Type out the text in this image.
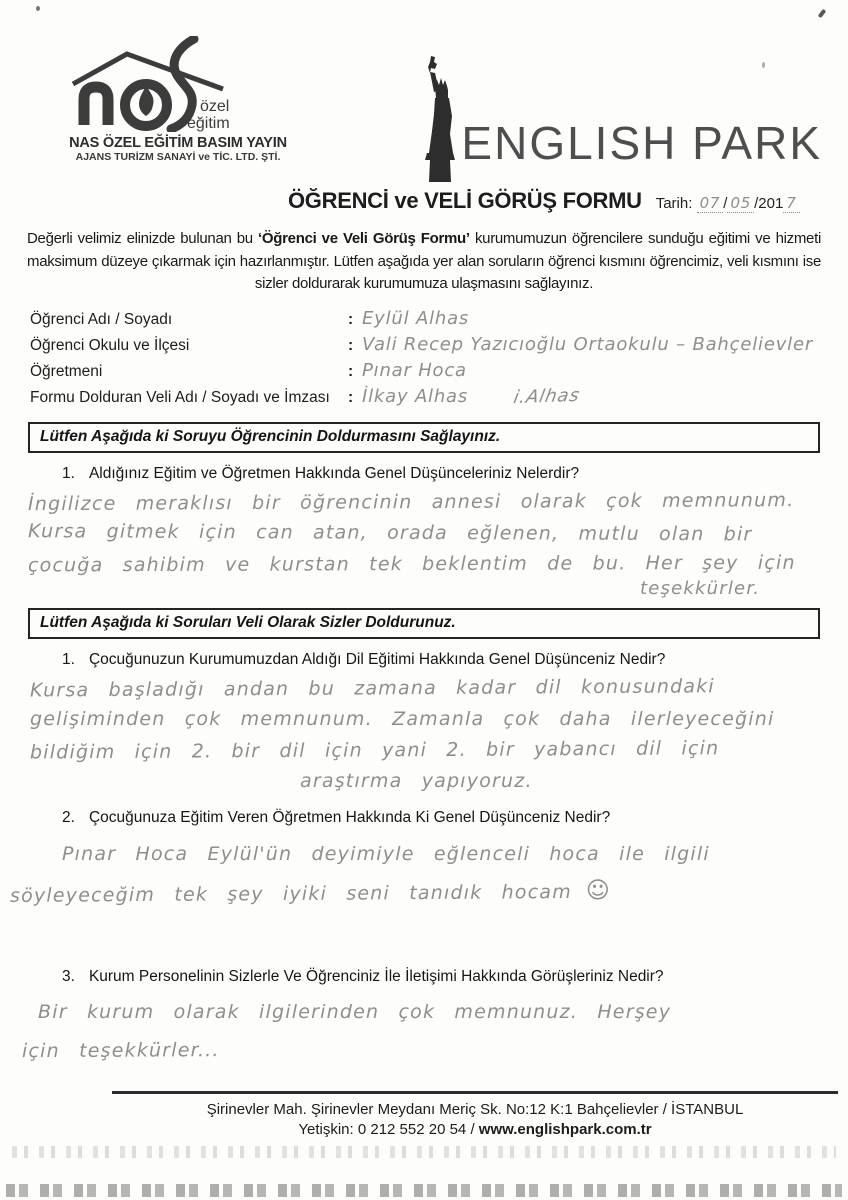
özel
eğitim
NAS ÖZEL EĞİTİM BASIM YAYIN
AJANS TURİZM SANAYİ ve TİC. LTD. ŞTİ.	ENGLISH PARK
ÖĞRENCİ ve VELİ GÖRÜŞ FORMU Tarih: 07 / 05 /201 7

Değerli velimiz elinizde bulunan bu ‘Öğrenci ve Veli Görüş Formu’ kurumumuzun öğrencilere sunduğu eğitimi ve hizmeti maksimum düzeye çıkarmak için hazırlanmıştır. Lütfen aşağıda yer alan soruların öğrenci kısmını öğrencimiz, veli kısmını ise sizler doldurarak kurumumuza ulaşmasını sağlayınız.

Öğrenci Adı / Soyadı	: Eylül Alhas
Öğrenci Okulu ve İlçesi	: Vali Recep Yazıcıoğlu Ortaokulu – Bahçelievler
Öğretmeni	: Pınar Hoca
Formu Dolduran Veli Adı / Soyadı ve İmzası	: İlkay Alhas i.Alhas
Lütfen Aşağıda ki Soruyu Öğrencinin Doldurmasını Sağlayınız.
1. Aldığınız Eğitim ve Öğretmen Hakkında Genel Düşünceleriniz Nelerdir?
İngilizce meraklısı bir öğrencinin annesi olarak çok memnunum.
Kursa gitmek için can atan, orada eğlenen, mutlu olan bir
çocuğa sahibim ve kurstan tek beklentim de bu. Her şey için
teşekkürler.
Lütfen Aşağıda ki Soruları Veli Olarak Sizler Doldurunuz.
1. Çocuğunuzun Kurumumuzdan Aldığı Dil Eğitimi Hakkında Genel Düşünceniz Nedir?
Kursa başladığı andan bu zamana kadar dil konusundaki
gelişiminden çok memnunum. Zamanla çok daha ilerleyeceğini
bildiğim için 2. bir dil için yani 2. bir yabancı dil için
araştırma yapıyoruz.
2. Çocuğunuza Eğitim Veren Öğretmen Hakkında Ki Genel Düşünceniz Nedir?
Pınar Hoca Eylül'ün deyimiyle eğlenceli hoca ile ilgili
söyleyeceğim tek şey iyiki seni tanıdık hocam ☺
3. Kurum Personelinin Sizlerle Ve Öğrenciniz İle İletişimi Hakkında Görüşleriniz Nedir?
Bir kurum olarak ilgilerinden çok memnunuz. Herşey
için teşekkürler...
Şirinevler Mah. Şirinevler Meydanı Meriç Sk. No:12 K:1 Bahçelievler / İSTANBUL
Yetişkin: 0 212 552 20 54 / www.englishpark.com.tr
